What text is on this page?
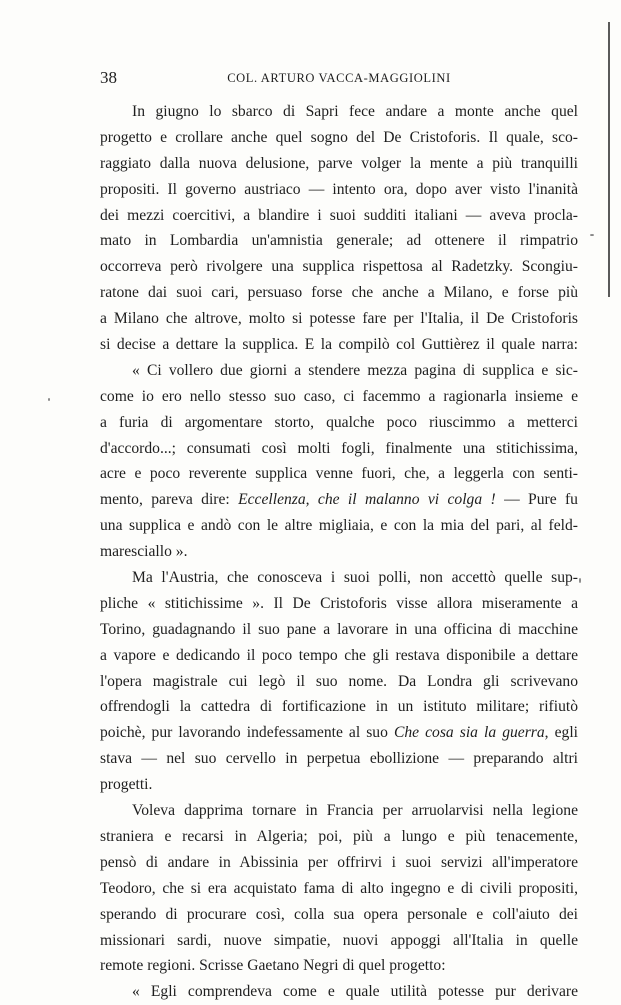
38	COL. ARTURO VACCA-MAGGIOLINI
In giugno lo sbarco di Sapri fece andare a monte anche quel
progetto e crollare anche quel sogno del De Cristoforis. Il quale, sco-
raggiato dalla nuova delusione, parve volger la mente a più tranquilli
propositi. Il governo austriaco — intento ora, dopo aver visto l'inanità
dei mezzi coercitivi, a blandire i suoi sudditi italiani — aveva procla-
mato in Lombardia un'amnistia generale; ad ottenere il rimpatrio
occorreva però rivolgere una supplica rispettosa al Radetzky. Scongiu-
ratone dai suoi cari, persuaso forse che anche a Milano, e forse più
a Milano che altrove, molto si potesse fare per l'Italia, il De Cristoforis
si decise a dettare la supplica. E la compilò col Guttièrez il quale narra:
« Ci vollero due giorni a stendere mezza pagina di supplica e sic-
come io ero nello stesso suo caso, ci facemmo a ragionarla insieme e
a furia di argomentare storto, qualche poco riuscimmo a metterci
d'accordo...; consumati così molti fogli, finalmente una stitichissima,
acre e poco reverente supplica venne fuori, che, a leggerla con senti-
mento, pareva dire: Eccellenza, che il malanno vi colga ! — Pure fu
una supplica e andò con le altre migliaia, e con la mia del pari, al feld-
maresciallo ».
Ma l'Austria, che conosceva i suoi polli, non accettò quelle sup-
pliche « stitichissime ». Il De Cristoforis visse allora miseramente a
Torino, guadagnando il suo pane a lavorare in una officina di macchine
a vapore e dedicando il poco tempo che gli restava disponibile a dettare
l'opera magistrale cui legò il suo nome. Da Londra gli scrivevano
offrendogli la cattedra di fortificazione in un istituto militare; rifiutò
poichè, pur lavorando indefessamente al suo Che cosa sia la guerra, egli
stava — nel suo cervello in perpetua ebollizione — preparando altri
progetti.
Voleva dapprima tornare in Francia per arruolarvisi nella legione
straniera e recarsi in Algeria; poi, più a lungo e più tenacemente,
pensò di andare in Abissinia per offrirvi i suoi servizi all'imperatore
Teodoro, che si era acquistato fama di alto ingegno e di civili propositi,
sperando di procurare così, colla sua opera personale e coll'aiuto dei
missionari sardi, nuove simpatie, nuovi appoggi all'Italia in quelle
remote regioni. Scrisse Gaetano Negri di quel progetto:
« Egli comprendeva come e quale utilità potesse pur derivare
